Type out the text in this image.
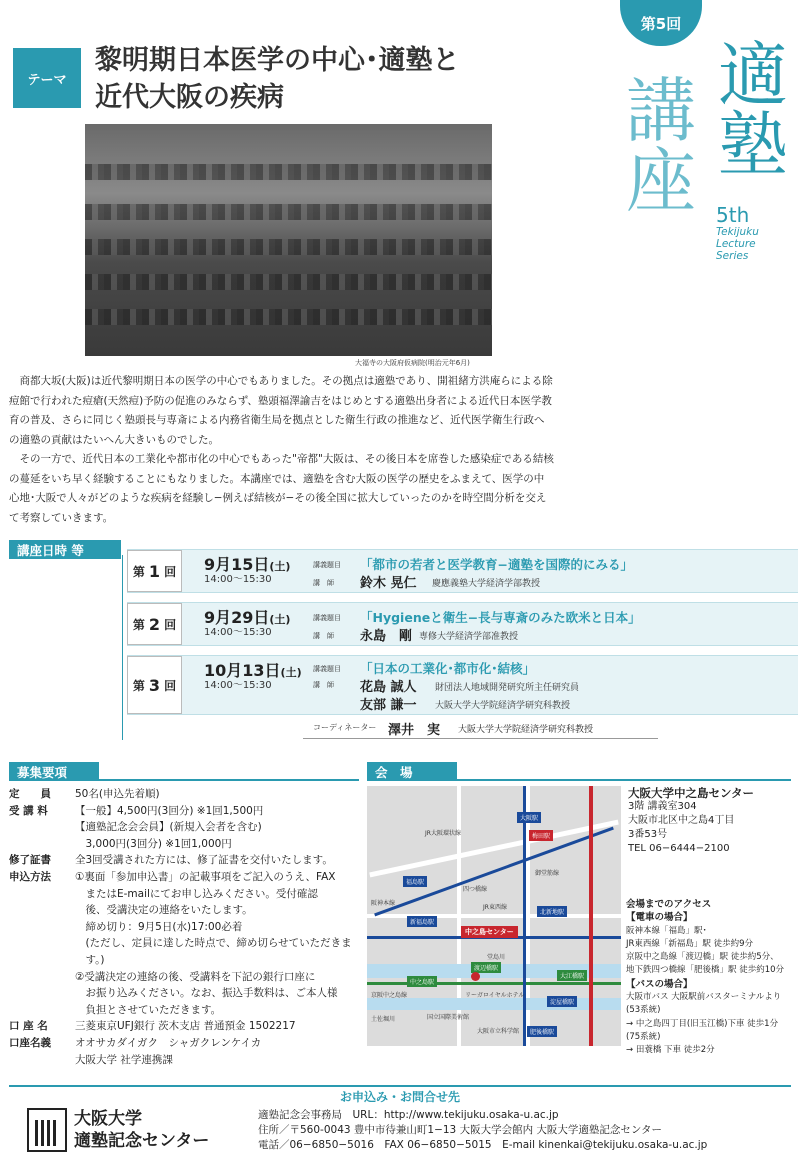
テーマ
黎明期日本医学の中心･適塾と
近代大阪の疾病
第5回
適塾
講座 5th
Tekijuku
Lecture
Series
大福寺の大阪府仮病院(明治元年6月)

商都大坂(大阪)は近代黎明期日本の医学の中心でもありました。その拠点は適塾であり、開祖緒方洪庵らによる除痘館で行われた痘瘡(天然痘)予防の促進のみならず、塾頭福澤諭吉をはじめとする適塾出身者による近代日本医学教育の普及、さらに同じく塾頭長与専斎による内務省衛生局を拠点とした衛生行政の推進など、近代医学衛生行政への適塾の貢献はたいへん大きいものでした。

その一方で、近代日本の工業化や都市化の中心でもあった"帝都"大阪は、その後日本を席巻した感染症である結核の蔓延をいち早く経験することにもなりました。本講座では、適塾を含む大阪の医学の歴史をふまえて、医学の中心地･大阪で人々がどのような疾病を経験し−例えば結核が−その後全国に拡大していったのかを時空間分析を交えて考察していきます。

講座日時 等
第 1 回 9月15日(土)
14:00〜15:30
講義題目
講　師
「都市の若者と医学教育−適塾を国際的にみる」
鈴木 晃仁 慶應義塾大学経済学部教授
第 2 回 9月29日(土)
14:00〜15:30
講義題目
講　師
「Hygieneと衛生−長与専斎のみた欧米と日本」
永島　剛 専修大学経済学部准教授
第 3 回
10月13日(土)
14:00〜15:30
講義題目
講　師
「日本の工業化･都市化･結核」
花島 誠人 財団法人地域開発研究所主任研究員
友部 謙一 大阪大学大学院経済学研究科教授
コーディネーター 澤井　実 大阪大学大学院経済学研究科教授
募集要項
定　　員	50名(申込先着順)
受 講 料	【一般】4,500円(3回分) ※1回1,500円
【適塾記念会会員】(新規入会者を含む)
3,000円(3回分) ※1回1,000円
修了証書	全3回受講された方には、修了証書を交付いたします。
申込方法	①裏面「参加申込書」の記載事項をご記入のうえ、FAX
またはE-mailにてお申し込みください。受付確認
後、受講決定の連絡をいたします。
締め切り：9月5日(水)17:00必着
(ただし、定員に達した時点で、締め切らせていただきます。)
②受講決定の連絡の後、受講料を下記の銀行口座に
お振り込みください。なお、振込手数料は、ご本人様
負担とさせていただきます。
口 座 名	三菱東京UFJ銀行 茨木支店 普通預金 1502217
口座名義	オオサカダイガク　シャガクレンケイカ
大阪大学 社学連携課
会　場
大阪駅
梅田駅
北新地駅
福島駅
新福島駅
中之島駅
渡辺橋駅
大江橋駅
淀屋橋駅
肥後橋駅
中之島センター
JR大阪環状線
阪神本線
JR東西線
京阪中之島線
土佐堀川
堂島川
リーガロイヤルホテル
国立国際美術館
大阪市立科学館
御堂筋線
四つ橋線
大阪大学中之島センター
3階 講義室304
大阪市北区中之島4丁目
3番53号
TEL 06−6444−2100
会場までのアクセス
【電車の場合】
阪神本線「福島」駅･
JR東西線「新福島」駅 徒歩約9分
京阪中之島線「渡辺橋」駅 徒歩約5分、
地下鉄四つ橋線「肥後橋」駅 徒歩約10分
【バスの場合】
大阪市バス 大阪駅前バスターミナルより
(53系統)
→ 中之島四丁目(旧玉江橋)下車 徒歩1分
(75系統)
→ 田蓑橋 下車 徒歩2分
お申込み・お問合せ先
大阪大学
適塾記念センター
適塾記念会事務局　URL：http://www.tekijuku.osaka-u.ac.jp
住所／〒560-0043 豊中市待兼山町1−13 大阪大学会館内 大阪大学適塾記念センター
電話／06−6850−5016　FAX 06−6850−5015　E-mail kinenkai@tekijuku.osaka-u.ac.jp
